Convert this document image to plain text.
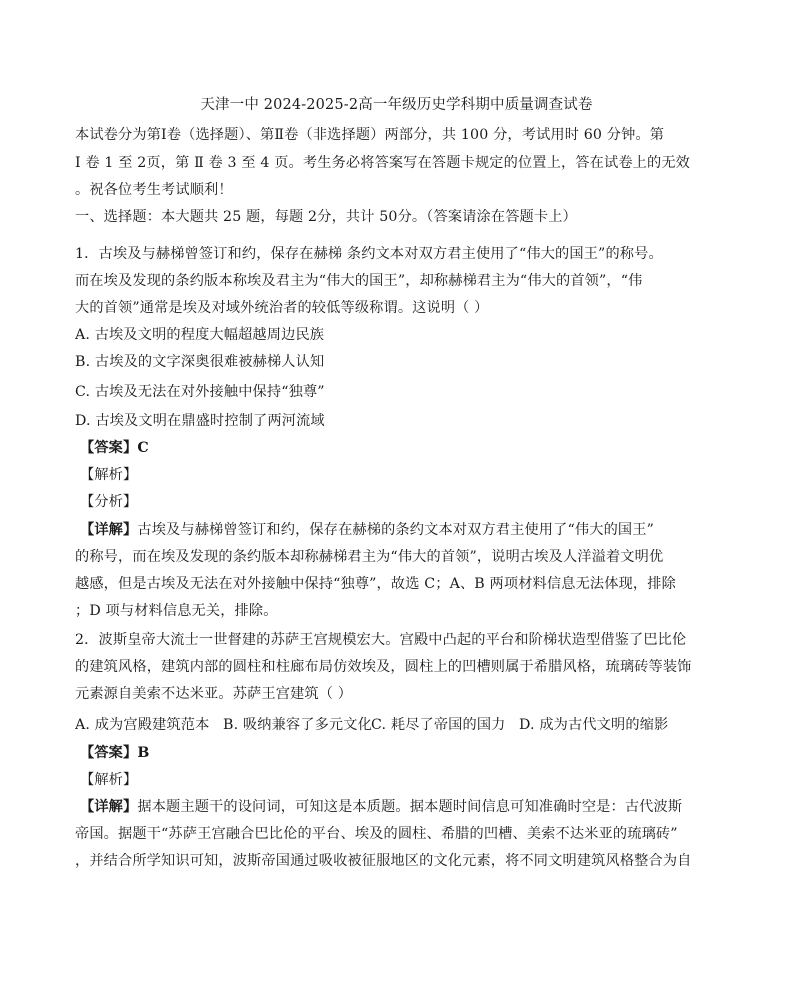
天津一中 2024-2025-2高一年级历史学科期中质量调查试卷
本试卷分为第Ⅰ卷（选择题）、第Ⅱ卷（非选择题）两部分，共 100 分，考试用时 60 分钟。第
Ⅰ 卷 1 至 2页，第 Ⅱ 卷 3 至 4 页。考生务必将答案写在答题卡规定的位置上，答在试卷上的无效
。祝各位考生考试顺利！
一、选择题：本大题共 25 题，每题 2分，共计 50分。（答案请涂在答题卡上）
1．古埃及与赫梯曾签订和约，保存在赫梯 条约文本对双方君主使用了“伟大的国王”的称号。
而在埃及发现的条约版本称埃及君主为“伟大的国王”，却称赫梯君主为“伟大的首领”，“伟
大的首领”通常是埃及对域外统治者的较低等级称谓。这说明（ ）
A. 古埃及文明的程度大幅超越周边民族
B. 古埃及的文字深奥很难被赫梯人认知
C. 古埃及无法在对外接触中保持“独尊”
D. 古埃及文明在鼎盛时控制了两河流域
【答案】C
【解析】
【分析】
【详解】古埃及与赫梯曾签订和约，保存在赫梯的条约文本对双方君主使用了“伟大的国王”
的称号，而在埃及发现的条约版本却称赫梯君主为“伟大的首领”，说明古埃及人洋溢着文明优
越感，但是古埃及无法在对外接触中保持“独尊”，故选 C；A、B 两项材料信息无法体现，排除
；D 项与材料信息无关，排除。
2．波斯皇帝大流士一世督建的苏萨王宫规模宏大。宫殿中凸起的平台和阶梯状造型借鉴了巴比伦
的建筑风格，建筑内部的圆柱和柱廊布局仿效埃及，圆柱上的凹槽则属于希腊风格，琉璃砖等装饰
元素源自美索不达米亚。苏萨王宫建筑（ ）
A. 成为宫殿建筑范本 B. 吸纳兼容了多元文化C. 耗尽了帝国的国力 D. 成为古代文明的缩影
【答案】B
【解析】
【详解】据本题主题干的设问词，可知这是本质题。据本题时间信息可知准确时空是：古代波斯
帝国。据题干“苏萨王宫融合巴比伦的平台、埃及的圆柱、希腊的凹槽、美索不达米亚的琉璃砖”
，并结合所学知识可知，波斯帝国通过吸收被征服地区的文化元素，将不同文明建筑风格整合为自
